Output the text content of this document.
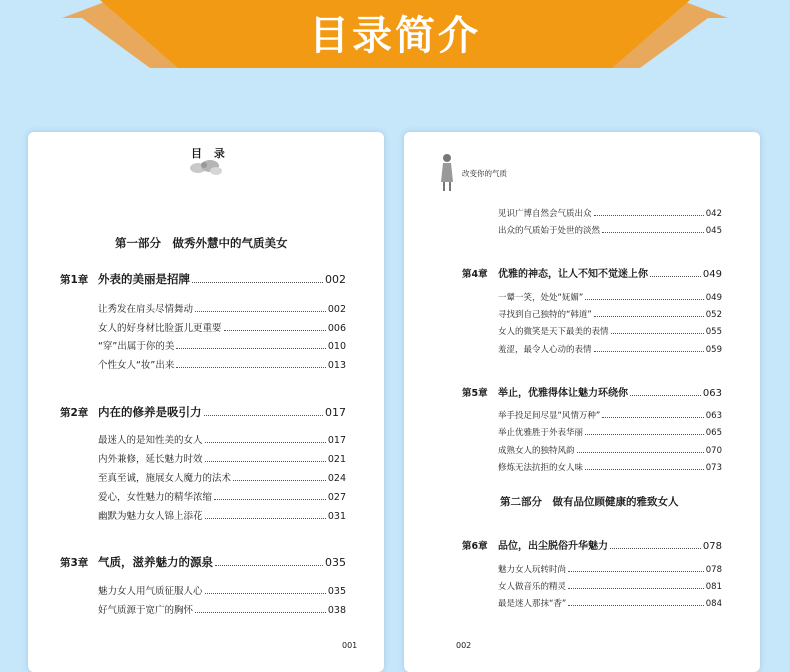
目录简介
目 录
第一部分　做秀外慧中的气质美女
第1章 外表的美丽是招牌	002
让秀发在肩头尽情舞动	002
女人的好身材比脸蛋儿更重要	006
“穿”出属于你的美	010
个性女人“妆”出来	013
第2章 内在的修养是吸引力	017
最迷人的是知性美的女人	017
内外兼修，延长魅力时效	021
至真至诚，施展女人魔力的法术	024
爱心，女性魅力的精华浓缩	027
幽默为魅力女人锦上添花	031
第3章 气质，滋养魅力的源泉	035
魅力女人用气质征服人心	035
好气质源于宽广的胸怀	038
001
改变你的气质
见识广博自然会气质出众	042
出众的气质始于处世的淡然	045
第4章 优雅的神态，让人不知不觉迷上你	049
一颦一笑，处处“妩媚”	049
寻找到自己独特的“韩道”	052
女人的微笑是天下最美的表情	055
羞涩，最令人心动的表情	059
第5章 举止，优雅得体让魅力环绕你	063
举手投足间尽显“风情万种”	063
举止优雅胜于外表华丽	065
成熟女人的独特风韵	070
修炼无法抗拒的女人味	073
第二部分　做有品位顾健康的雅致女人
第6章 品位，出尘脱俗升华魅力	078
魅力女人玩转时尚	078
女人做音乐的精灵	081
最是迷人那抹“香”	084
002
